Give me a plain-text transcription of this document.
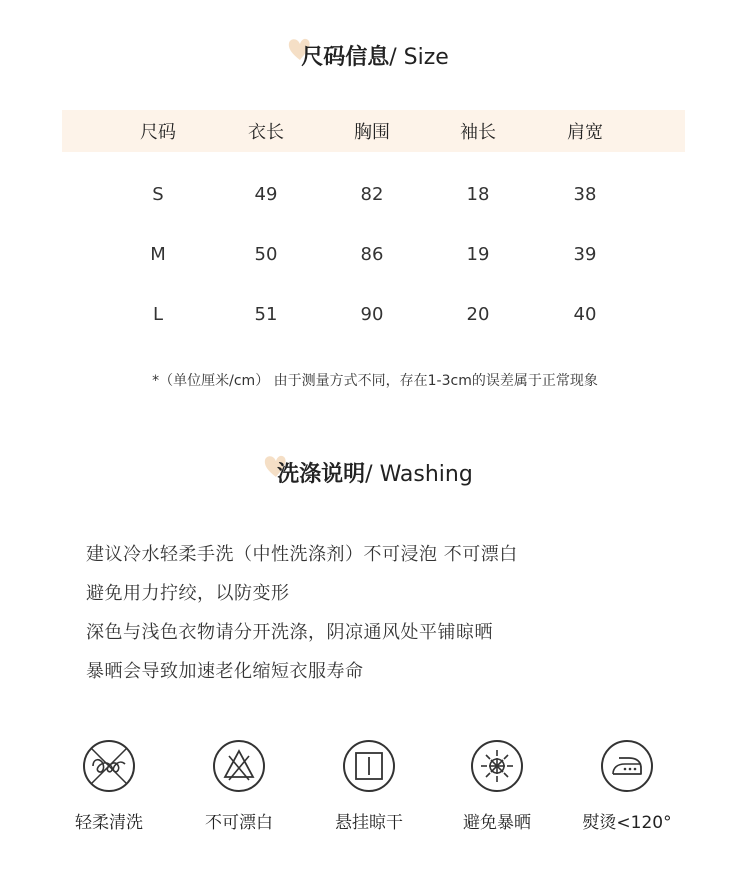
尺码信息/ Size
尺码	衣长	胸围	袖长	肩宽
S	49	82	18	38
M	50	86	19	39
L	51	90	20	40
*（单位厘米/cm） 由于测量方式不同，存在1-3cm的误差属于正常现象
洗涤说明/ Washing
建议冷水轻柔手洗（中性洗涤剂）不可浸泡 不可漂白
避免用力拧绞，以防变形
深色与浅色衣物请分开洗涤，阴凉通风处平铺晾晒
暴晒会导致加速老化缩短衣服寿命
轻柔清洗	不可漂白	悬挂晾干	避免暴晒	熨烫<120°
